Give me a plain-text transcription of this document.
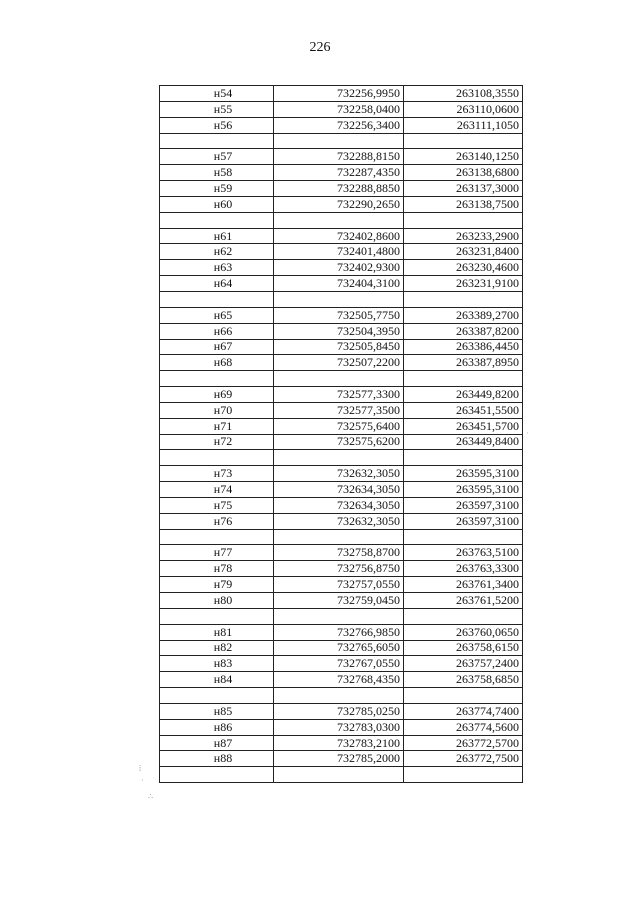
226
н54	732256,9950	263108,3550
н55	732258,0400	263110,0600
н56	732256,3400	263111,1050

н57	732288,8150	263140,1250
н58	732287,4350	263138,6800
н59	732288,8850	263137,3000
н60	732290,2650	263138,7500

н61	732402,8600	263233,2900
н62	732401,4800	263231,8400
н63	732402,9300	263230,4600
н64	732404,3100	263231,9100

н65	732505,7750	263389,2700
н66	732504,3950	263387,8200
н67	732505,8450	263386,4450
н68	732507,2200	263387,8950

н69	732577,3300	263449,8200
н70	732577,3500	263451,5500
н71	732575,6400	263451,5700
н72	732575,6200	263449,8400

н73	732632,3050	263595,3100
н74	732634,3050	263595,3100
н75	732634,3050	263597,3100
н76	732632,3050	263597,3100

н77	732758,8700	263763,5100
н78	732756,8750	263763,3300
н79	732757,0550	263761,3400
н80	732759,0450	263761,5200

н81	732766,9850	263760,0650
н82	732765,6050	263758,6150
н83	732767,0550	263757,2400
н84	732768,4350	263758,6850

н85	732785,0250	263774,7400
н86	732783,0300	263774,5600
н87	732783,2100	263772,5700
н88	732785,2000	263772,7500

⁞
·
∴
·
